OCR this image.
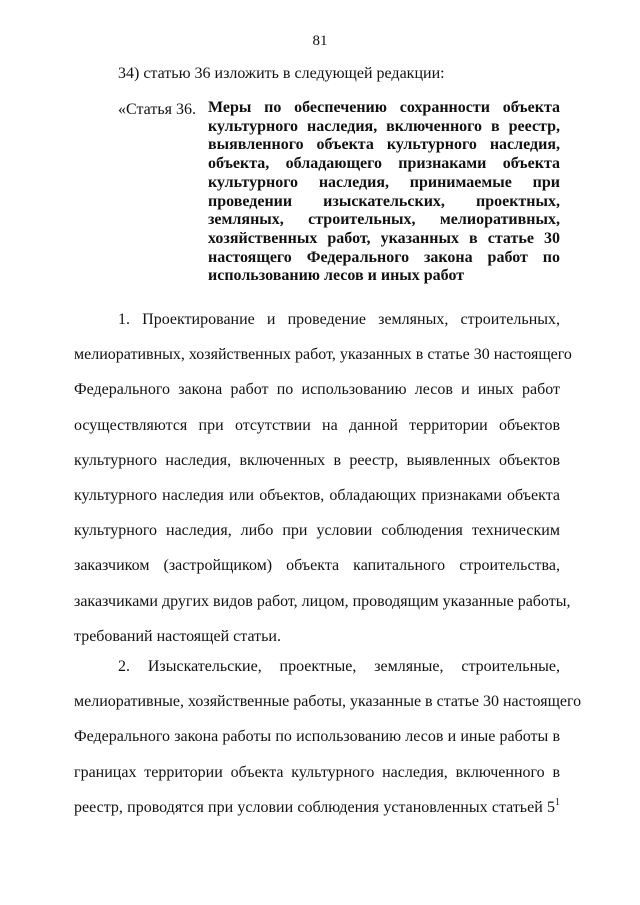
81
34) статью 36 изложить в следующей редакции:
«Статья 36. Меры по обеспечению сохранности объекта
культурного наследия, включенного в реестр,
выявленного объекта культурного наследия,
объекта, обладающего признаками объекта
культурного наследия, принимаемые при
проведении изыскательских, проектных,
земляных, строительных, мелиоративных,
хозяйственных работ, указанных в статье 30
настоящего Федерального закона работ по
использованию лесов и иных работ
1. Проектирование и проведение земляных, строительных,
мелиоративных, хозяйственных работ, указанных в статье 30 настоящего
Федерального закона работ по использованию лесов и иных работ
осуществляются при отсутствии на данной территории объектов
культурного наследия, включенных в реестр, выявленных объектов
культурного наследия или объектов, обладающих признаками объекта
культурного наследия, либо при условии соблюдения техническим
заказчиком (застройщиком) объекта капитального строительства,
заказчиками других видов работ, лицом, проводящим указанные работы,
требований настоящей статьи.
2. Изыскательские, проектные, земляные, строительные,
мелиоративные, хозяйственные работы, указанные в статье 30 настоящего
Федерального закона работы по использованию лесов и иные работы в
границах территории объекта культурного наследия, включенного в
реестр, проводятся при условии соблюдения установленных статьей $5^1$
